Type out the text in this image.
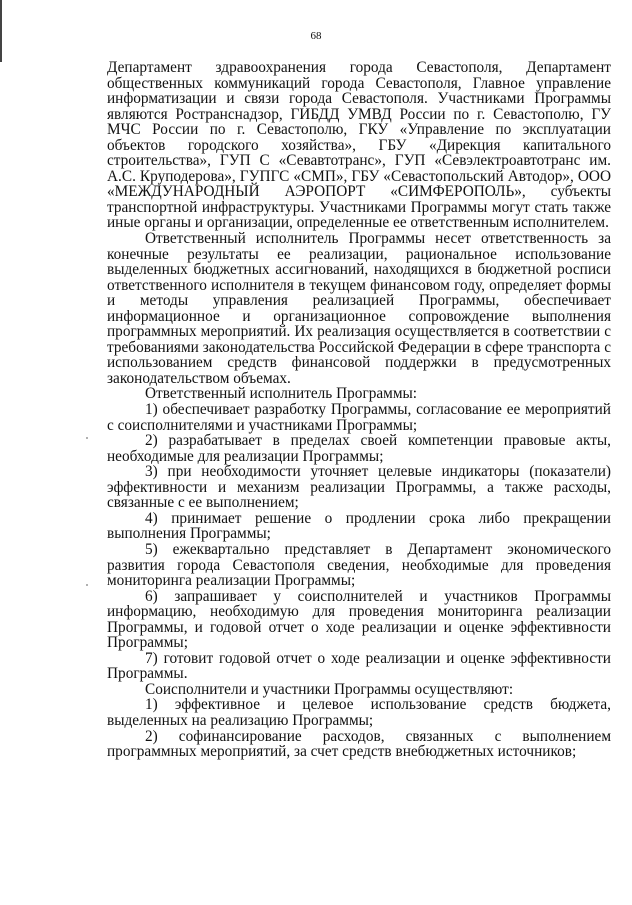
68

Департамент здравоохранения города Севастополя, Департамент общественных коммуникаций города Севастополя, Главное управление информатизации и связи города Севастополя. Участниками Программы являются Ространснадзор, ГИБДД УМВД России по г. Севастополю, ГУ МЧС России по г. Севастополю, ГКУ «Управление по эксплуатации объектов городского хозяйства», ГБУ «Дирекция капитального строительства», ГУП С «Севавтотранс», ГУП «Севэлектроавтотранс им. А.С. Круподерова», ГУПГС «СМП», ГБУ «Севастопольский Автодор», ООО «МЕЖДУНАРОДНЫЙ АЭРОПОРТ «СИМФЕРОПОЛЬ», субъекты транспортной инфраструктуры. Участниками Программы могут стать также иные органы и организации, определенные ее ответственным исполнителем.

Ответственный исполнитель Программы несет ответственность за конечные результаты ее реализации, рациональное использование выделенных бюджетных ассигнований, находящихся в бюджетной росписи ответственного исполнителя в текущем финансовом году, определяет формы и методы управления реализацией Программы, обеспечивает информационное и организационное сопровождение выполнения программных мероприятий. Их реализация осуществляется в соответствии с требованиями законодательства Российской Федерации в сфере транспорта с использованием средств финансовой поддержки в предусмотренных законодательством объемах.

Ответственный исполнитель Программы:

1) обеспечивает разработку Программы, согласование ее мероприятий с соисполнителями и участниками Программы;

2) разрабатывает в пределах своей компетенции правовые акты, необходимые для реализации Программы;

3) при необходимости уточняет целевые индикаторы (показатели) эффективности и механизм реализации Программы, а также расходы, связанные с ее выполнением;

4) принимает решение о продлении срока либо прекращении выполнения Программы;

5) ежеквартально представляет в Департамент экономического развития города Севастополя сведения, необходимые для проведения мониторинга реализации Программы;

6) запрашивает у соисполнителей и участников Программы информацию, необходимую для проведения мониторинга реализации Программы, и годовой отчет о ходе реализации и оценке эффективности Программы;

7) готовит годовой отчет о ходе реализации и оценке эффективности Программы.

Соисполнители и участники Программы осуществляют:

1) эффективное и целевое использование средств бюджета, выделенных на реализацию Программы;

2) софинансирование расходов, связанных с выполнением программных мероприятий, за счет средств внебюджетных источников;
